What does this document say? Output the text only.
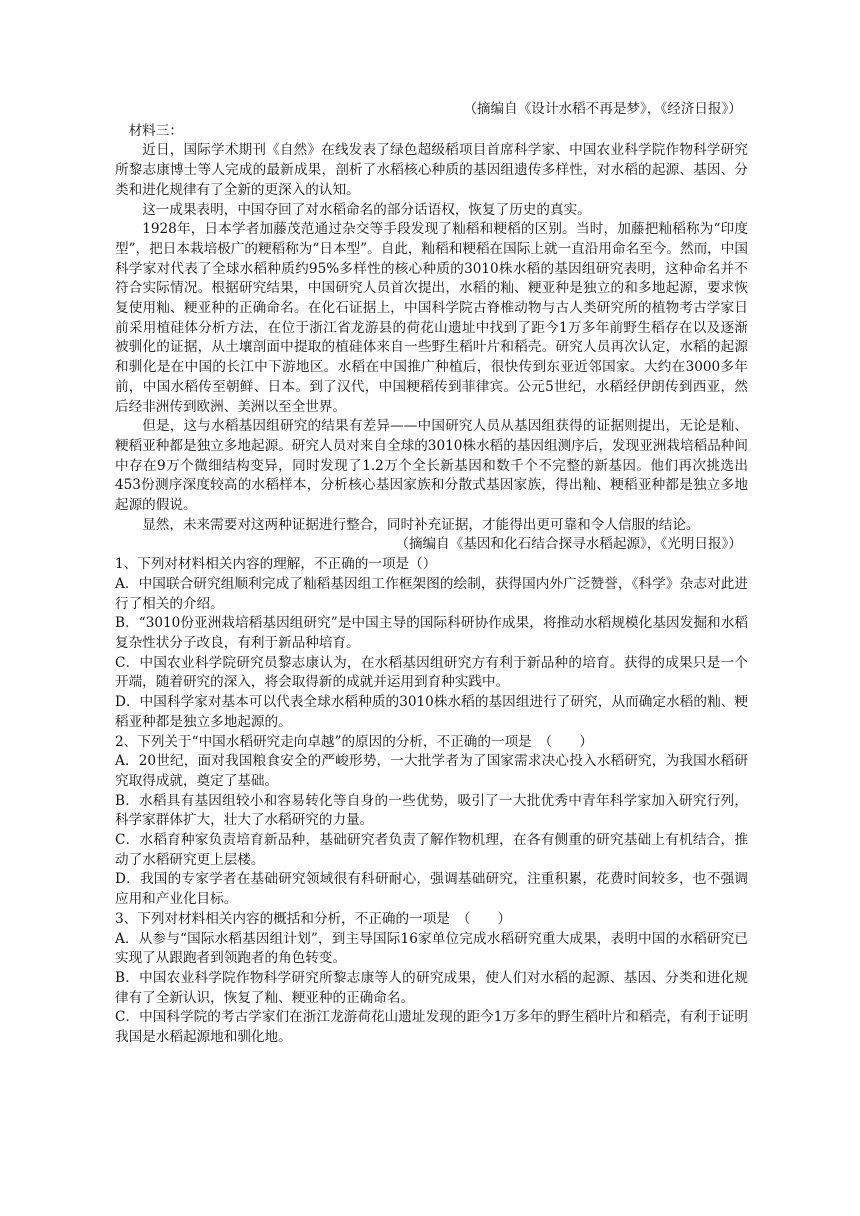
（摘编自《设计水稻不再是梦》，《经济日报》）

材料三：

近日，国际学术期刊《自然》在线发表了绿色超级稻项目首席科学家、中国农业科学院作物科学研究所黎志康博士等人完成的最新成果，剖析了水稻核心种质的基因组遗传多样性，对水稻的起源、基因、分类和进化规律有了全新的更深入的认知。

这一成果表明，中国夺回了对水稻命名的部分话语权，恢复了历史的真实。

1928年，日本学者加藤茂范通过杂交等手段发现了籼稻和粳稻的区别。当时，加藤把籼稻称为“印度型”，把日本栽培极广的粳稻称为“日本型”。自此，籼稻和粳稻在国际上就一直沿用命名至今。然而，中国科学家对代表了全球水稻种质约95%多样性的核心种质的3010株水稻的基因组研究表明，这种命名并不符合实际情况。根据研究结果，中国研究人员首次提出，水稻的籼、粳亚种是独立的和多地起源，要求恢复使用籼、粳亚种的正确命名。在化石证据上，中国科学院古脊椎动物与古人类研究所的植物考古学家日前采用植硅体分析方法，在位于浙江省龙游县的荷花山遗址中找到了距今1万多年前野生稻存在以及逐渐被驯化的证据，从土壤剖面中提取的植硅体来自一些野生稻叶片和稻壳。研究人员再次认定，水稻的起源和驯化是在中国的长江中下游地区。水稻在中国推广种植后，很快传到东亚近邻国家。大约在3000多年前，中国水稻传至朝鲜、日本。到了汉代，中国粳稻传到菲律宾。公元5世纪，水稻经伊朗传到西亚，然后经非洲传到欧洲、美洲以至全世界。

但是，这与水稻基因组研究的结果有差异——中国研究人员从基因组获得的证据则提出，无论是籼、粳稻亚种都是独立多地起源。研究人员对来自全球的3010株水稻的基因组测序后，发现亚洲栽培稻品种间中存在9万个微细结构变异，同时发现了1.2万个全长新基因和数千个不完整的新基因。他们再次挑选出453份测序深度较高的水稻样本，分析核心基因家族和分散式基因家族，得出籼、粳稻亚种都是独立多地起源的假说。

显然，未来需要对这两种证据进行整合，同时补充证据，才能得出更可靠和令人信服的结论。

（摘编自《基因和化石结合探寻水稻起源》，《光明日报》）

1、下列对材料相关内容的理解，不正确的一项是（）

A．中国联合研究组顺利完成了籼稻基因组工作框架图的绘制，获得国内外广泛赞誉，《科学》杂志对此进行了相关的介绍。

B．“3010份亚洲栽培稻基因组研究”是中国主导的国际科研协作成果，将推动水稻规模化基因发掘和水稻复杂性状分子改良，有利于新品种培育。

C．中国农业科学院研究员黎志康认为，在水稻基因组研究方有利于新品种的培育。获得的成果只是一个开端，随着研究的深入，将会取得新的成就并运用到育种实践中。

D．中国科学家对基本可以代表全球水稻种质的3010株水稻的基因组进行了研究，从而确定水稻的籼、粳稻亚种都是独立多地起源的。

2、下列关于“中国水稻研究走向卓越”的原因的分析，不正确的一项是　（　　）

A．20世纪，面对我国粮食安全的严峻形势，一大批学者为了国家需求决心投入水稻研究，为我国水稻研究取得成就，奠定了基础。

B．水稻具有基因组较小和容易转化等自身的一些优势，吸引了一大批优秀中青年科学家加入研究行列，科学家群体扩大，壮大了水稻研究的力量。

C．水稻育种家负责培育新品种，基础研究者负责了解作物机理，在各有侧重的研究基础上有机结合，推动了水稻研究更上层楼。

D．我国的专家学者在基础研究领域很有科研耐心，强调基础研究，注重积累，花费时间较多，也不强调应用和产业化目标。

3、下列对材料相关内容的概括和分析，不正确的一项是　（　　）

A．从参与“国际水稻基因组计划”，到主导国际16家单位完成水稻研究重大成果，表明中国的水稻研究已实现了从跟跑者到领跑者的角色转变。

B．中国农业科学院作物科学研究所黎志康等人的研究成果，使人们对水稻的起源、基因、分类和进化规律有了全新认识，恢复了籼、粳亚种的正确命名。

C．中国科学院的考古学家们在浙江龙游荷花山遗址发现的距今1万多年的野生稻叶片和稻壳，有利于证明我国是水稻起源地和驯化地。
